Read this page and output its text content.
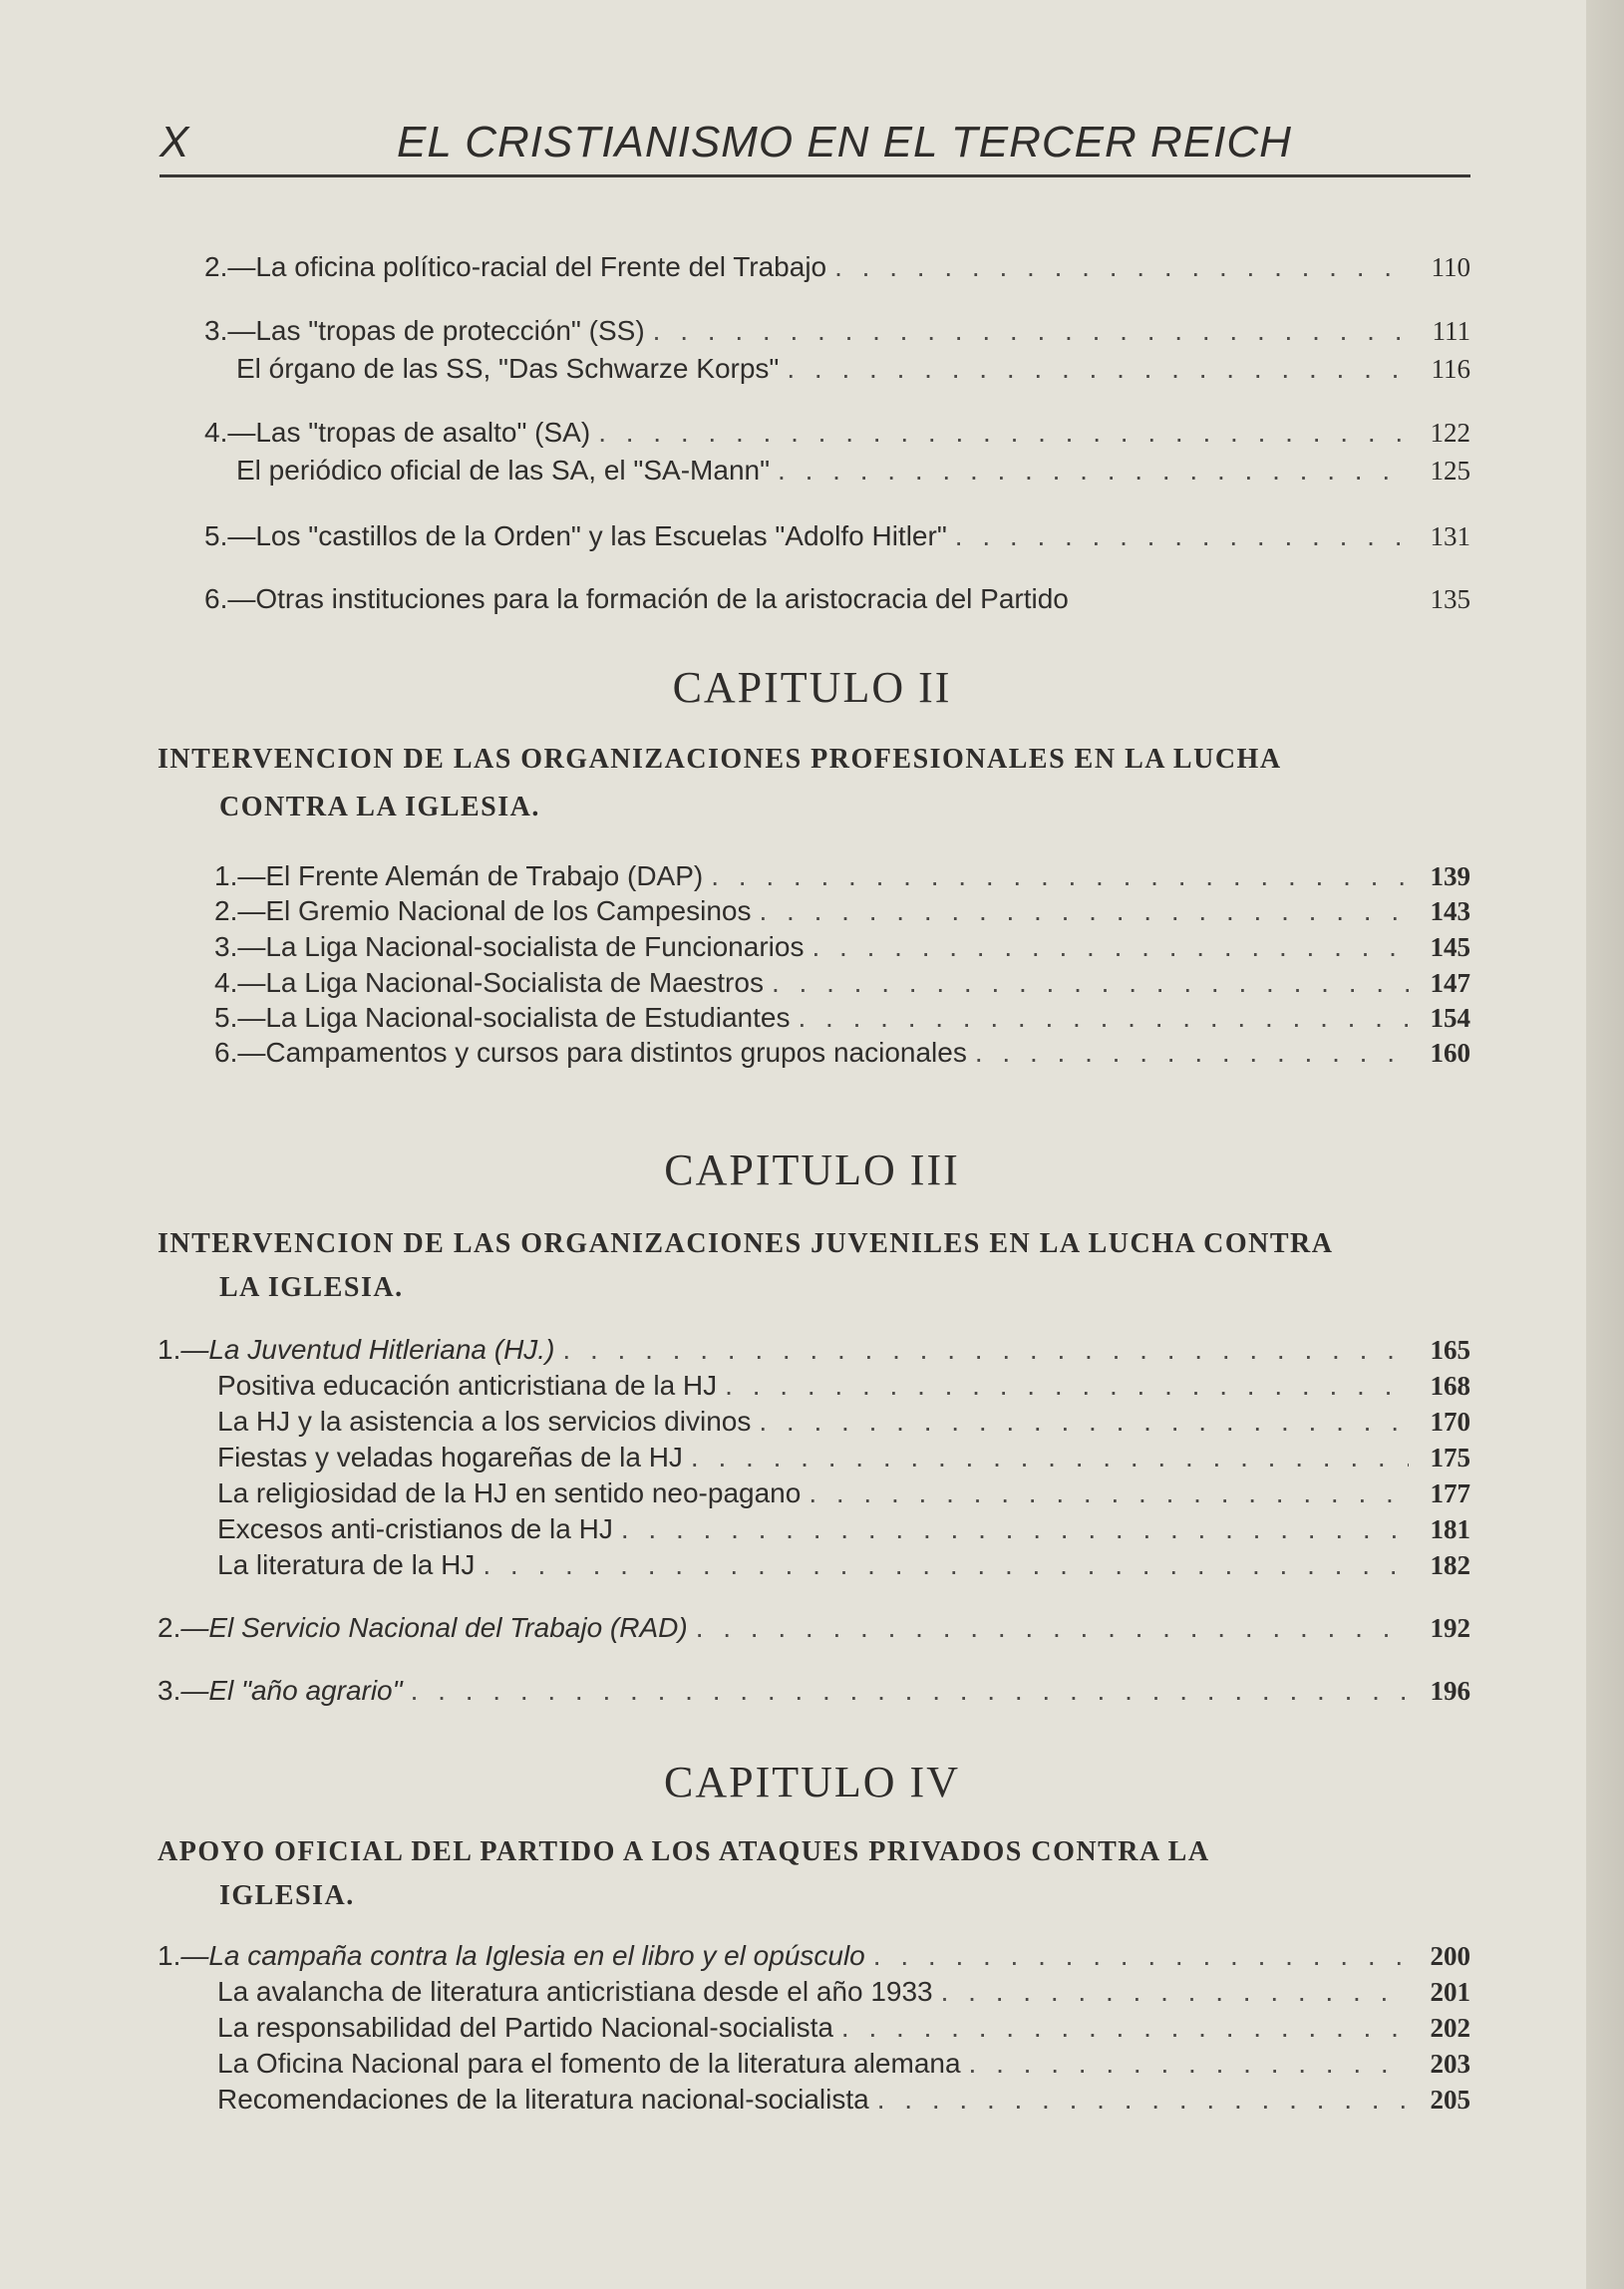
X	EL CRISTIANISMO EN EL TERCER REICH
2. —La oficina político-racial del Frente del Trabajo . . .	110
3. —Las "tropas de protección" (SS) . . .	111
El órgano de las SS, "Das Schwarze Korps" . . .	116
4. —Las "tropas de asalto" (SA) . . .	122
El periódico oficial de las SA, el "SA-Mann" . . .	125
5. —Los "castillos de la Orden" y las Escuelas "Adolfo Hitler" . . .	131
6. —Otras instituciones para la formación de la aristocracia del Partido	135
CAPITULO II
INTERVENCION DE LAS ORGANIZACIONES PROFESIONALES EN LA LUCHA
CONTRA LA IGLESIA.
1. —El Frente Alemán de Trabajo (DAP) . . .	139
2. —El Gremio Nacional de los Campesinos . . .	143
3. —La Liga Nacional-socialista de Funcionarios . . .	145
4. —La Liga Nacional-Socialista de Maestros . . .	147
5. —La Liga Nacional-socialista de Estudiantes . . .	154
6. —Campamentos y cursos para distintos grupos nacionales . . .	160
CAPITULO III
INTERVENCION DE LAS ORGANIZACIONES JUVENILES EN LA LUCHA CONTRA
LA IGLESIA.
1. —La Juventud Hitleriana (HJ.) . . .	165
Positiva educación anticristiana de la HJ . . .	168
La HJ y la asistencia a los servicios divinos . . .	170
Fiestas y veladas hogareñas de la HJ . . .	175
La religiosidad de la HJ en sentido neo-pagano . . .	177
Excesos anti-cristianos de la HJ . . .	181
La literatura de la HJ . . .	182
2. —El Servicio Nacional del Trabajo (RAD) . . .	192
3. —El "año agrario" . . .	196
CAPITULO IV
APOYO OFICIAL DEL PARTIDO A LOS ATAQUES PRIVADOS CONTRA LA
IGLESIA.
1. —La campaña contra la Iglesia en el libro y el opúsculo . . .	200
La avalancha de literatura anticristiana desde el año 1933 . . .	201
La responsabilidad del Partido Nacional-socialista . . .	202
La Oficina Nacional para el fomento de la literatura alemana . . .	203
Recomendaciones de la literatura nacional-socialista . . .	205
